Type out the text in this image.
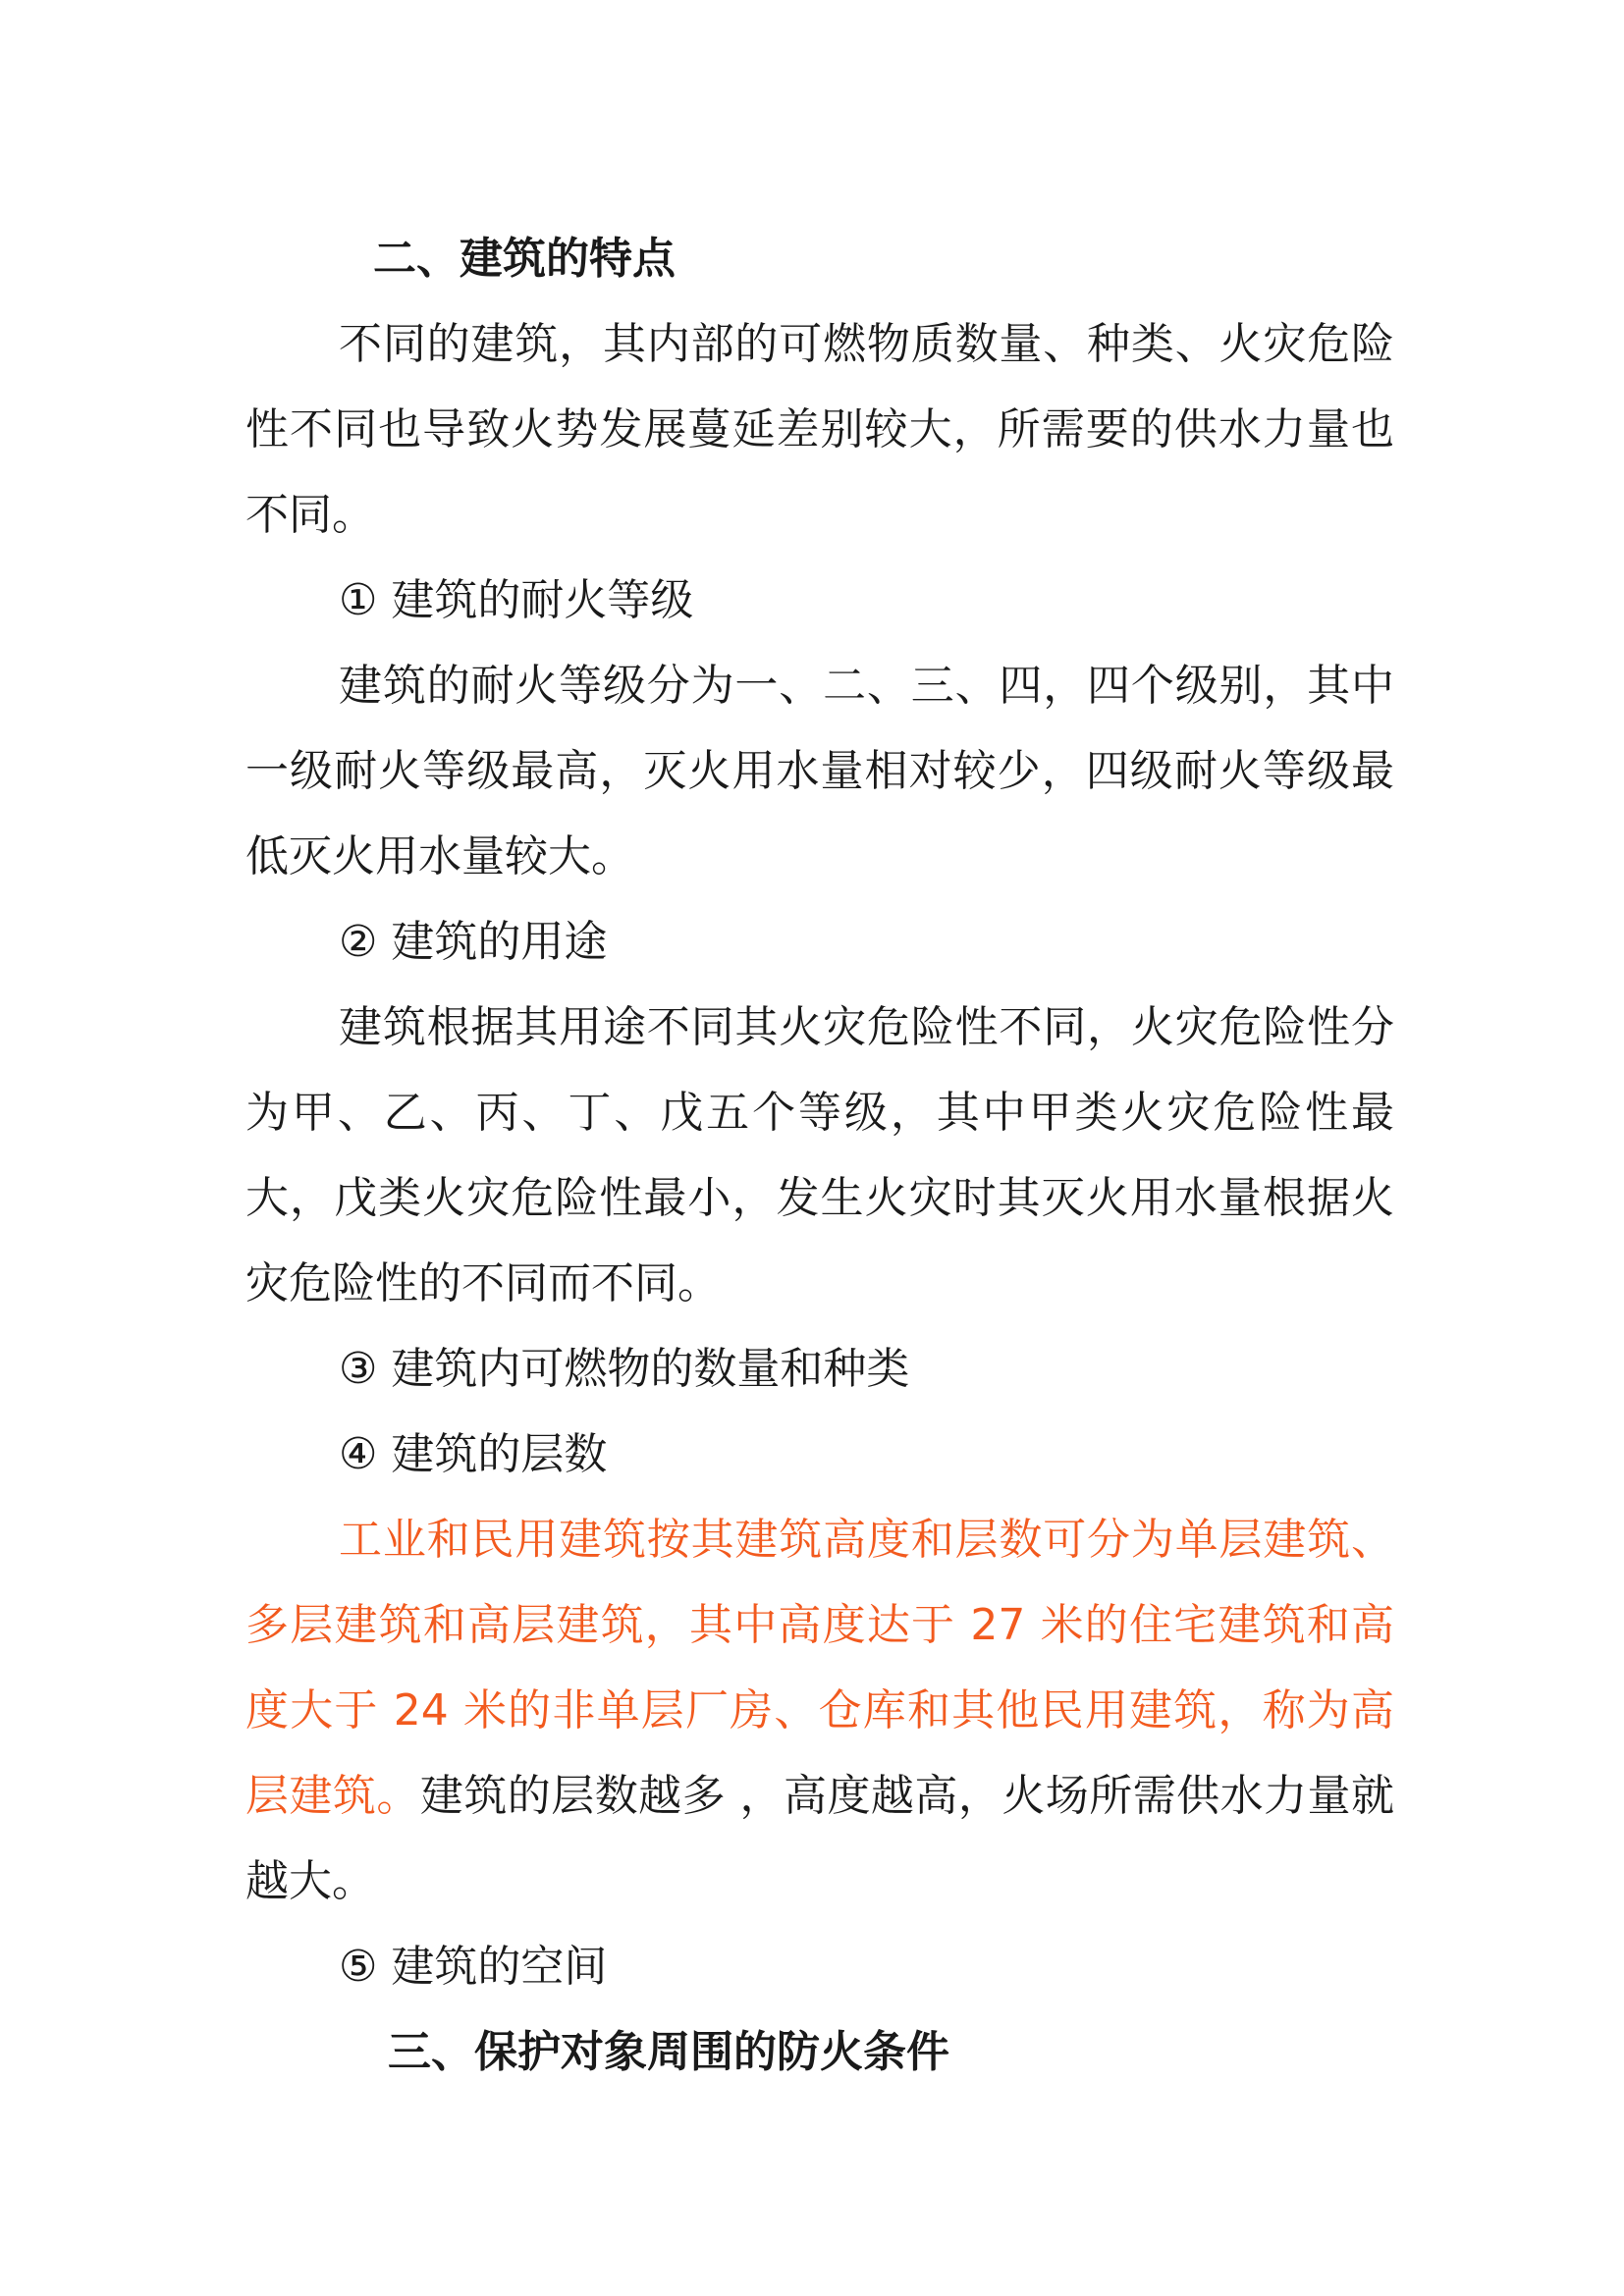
二、建筑的特点

不同的建筑，其内部的可燃物质数量、种类、火灾危险性不同也导致火势发展蔓延差别较大，所需要的供水力量也不同。

① 建筑的耐火等级

建筑的耐火等级分为一、二、三、四，四个级别，其中一级耐火等级最高，灭火用水量相对较少，四级耐火等级最低灭火用水量较大。

② 建筑的用途

建筑根据其用途不同其火灾危险性不同，火灾危险性分为甲、乙、丙、丁、戊五个等级，其中甲类火灾危险性最大，戊类火灾危险性最小，发生火灾时其灭火用水量根据火灾危险性的不同而不同。

③ 建筑内可燃物的数量和种类

④ 建筑的层数

工业和民用建筑按其建筑高度和层数可分为单层建筑、多层建筑和高层建筑，其中高度达于 27 米的住宅建筑和高度大于 24 米的非单层厂房、仓库和其他民用建筑，称为高层建筑。建筑的层数越多 ，高度越高，火场所需供水力量就越大。

⑤ 建筑的空间

三、保护对象周围的防火条件
